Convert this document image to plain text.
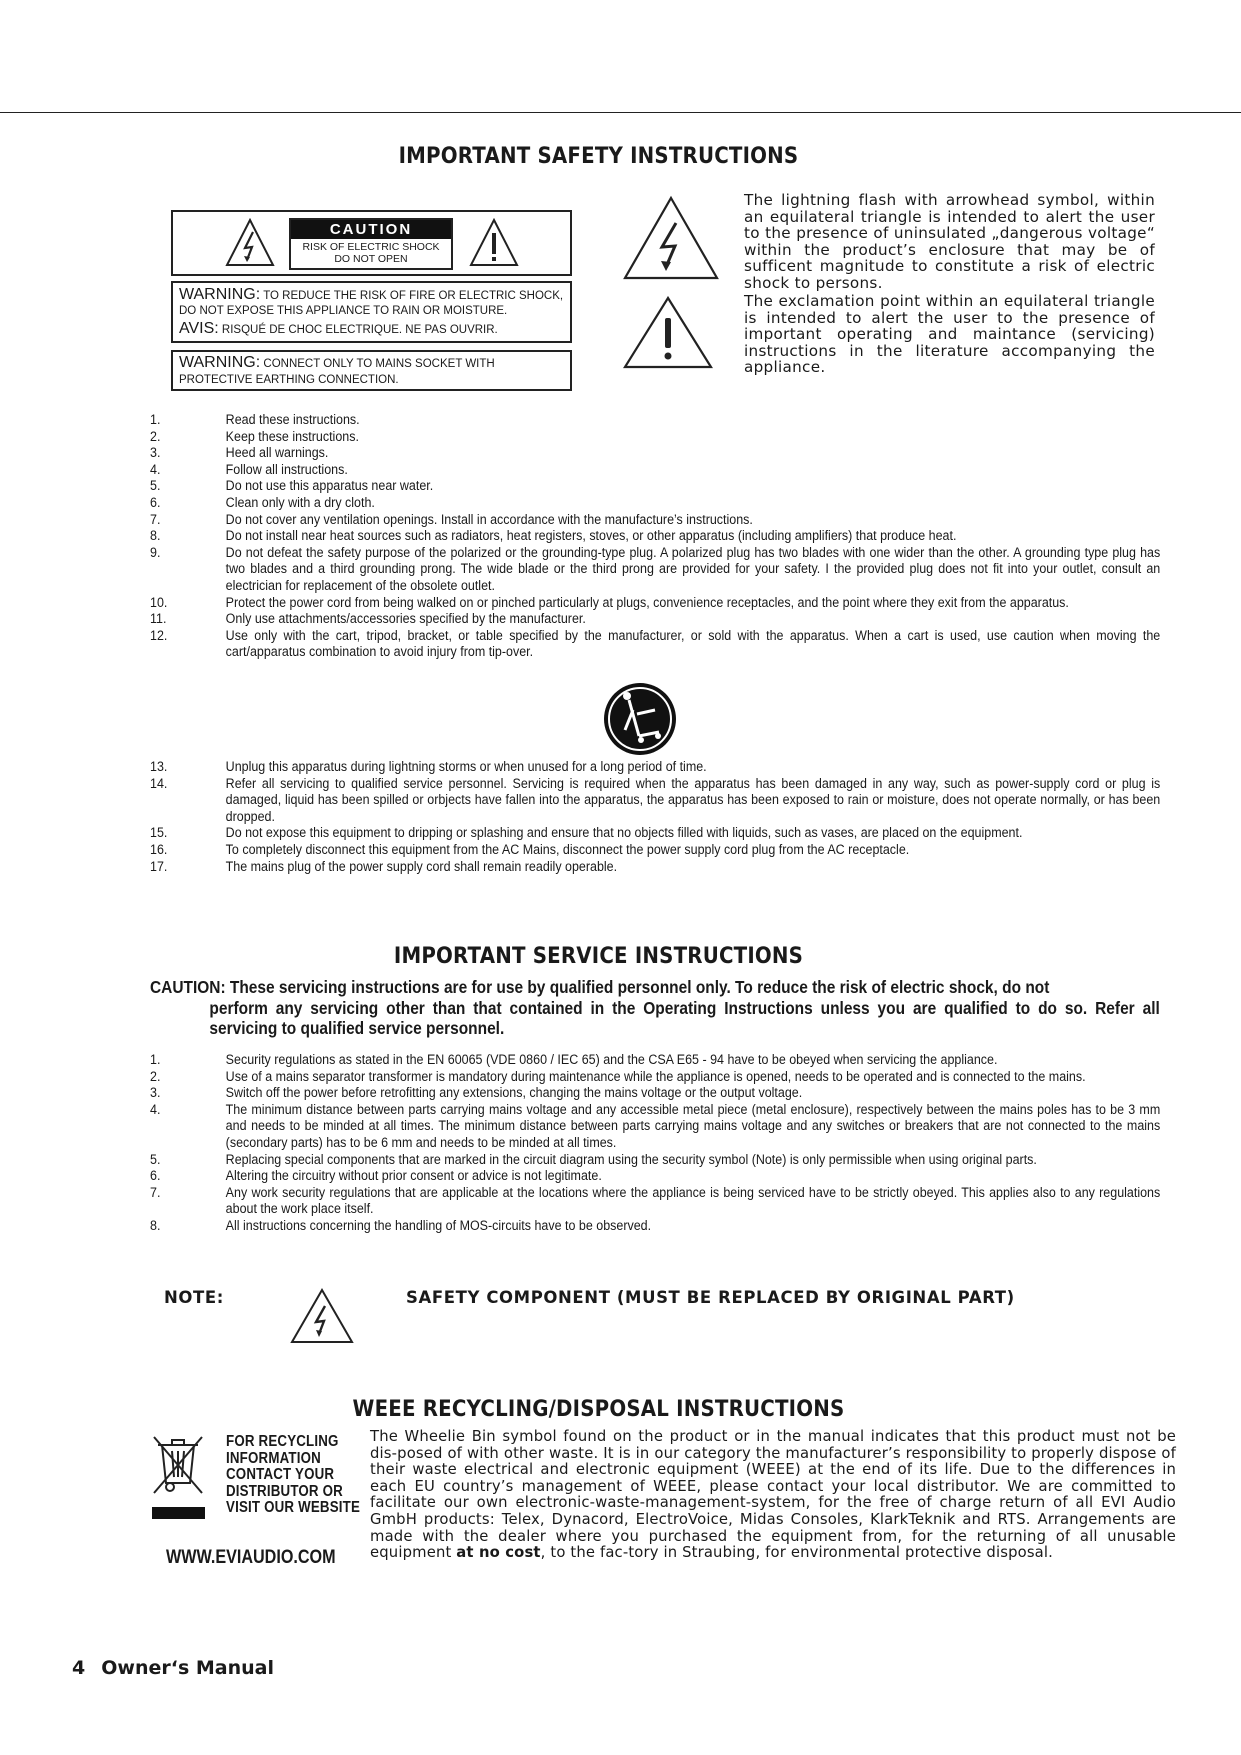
IMPORTANT SAFETY INSTRUCTIONS
CAUTION
RISK OF ELECTRIC SHOCK
DO NOT OPEN
WARNING: TO REDUCE THE RISK OF FIRE OR ELECTRIC SHOCK,
DO NOT EXPOSE THIS APPLIANCE TO RAIN OR MOISTURE.
AVIS: RISQUÉ DE CHOC ELECTRIQUE. NE PAS OUVRIR.
WARNING: CONNECT ONLY TO MAINS SOCKET WITH
PROTECTIVE EARTHING CONNECTION.
The lightning flash with arrowhead symbol, within an equilateral triangle is intended to alert the user to the presence of uninsulated „dangerous voltage“ within the product’s enclosure that may be of sufficent magnitude to constitute a risk of electric shock to persons.
The exclamation point within an equilateral triangle is intended to alert the user to the presence of important operating and maintance (servicing) instructions in the literature accompanying the appliance.
1.	Read these instructions.
2.	Keep these instructions.
3.	Heed all warnings.
4.	Follow all instructions.
5.	Do not use this apparatus near water.
6.	Clean only with a dry cloth.
7.	Do not cover any ventilation openings. Install in accordance with the manufacture’s instructions.
8.	Do not install near heat sources such as radiators, heat registers, stoves, or other apparatus (including amplifiers) that produce heat.
9.	Do not defeat the safety purpose of the polarized or the grounding-type plug. A polarized plug has two blades with one wider than the other. A grounding type plug has two blades and a third grounding prong. The wide blade or the third prong are provided for your safety. I the provided plug does not fit into your outlet, consult an electrician for replacement of the obsolete outlet.
10.	Protect the power cord from being walked on or pinched particularly at plugs, convenience receptacles, and the point where they exit from the apparatus.
11.	Only use attachments/accessories specified by the manufacturer.
12.	Use only with the cart, tripod, bracket, or table specified by the manufacturer, or sold with the apparatus. When a cart is used, use caution when moving the cart/apparatus combination to avoid injury from tip-over.
13.	Unplug this apparatus during lightning storms or when unused for a long period of time.
14.	Refer all servicing to qualified service personnel. Servicing is required when the apparatus has been damaged in any way, such as power-supply cord or plug is damaged, liquid has been spilled or orbjects have fallen into the apparatus, the apparatus has been exposed to rain or moisture, does not operate normally, or has been dropped.
15.	Do not expose this equipment to dripping or splashing and ensure that no objects filled with liquids, such as vases, are placed on the equipment.
16.	To completely disconnect this equipment from the AC Mains, disconnect the power supply cord plug from the AC receptacle.
17.	The mains plug of the power supply cord shall remain readily operable.
IMPORTANT SERVICE INSTRUCTIONS
CAUTION: These servicing instructions are for use by qualified personnel only. To reduce the risk of electric shock, do not
perform any servicing other than that contained in the Operating Instructions unless you are qualified to do so. Refer all servicing to qualified service personnel.
1.	Security regulations as stated in the EN 60065 (VDE 0860 / IEC 65) and the CSA E65 - 94 have to be obeyed when servicing the appliance.
2.	Use of a mains separator transformer is mandatory during maintenance while the appliance is opened, needs to be operated and is connected to the mains.
3.	Switch off the power before retrofitting any extensions, changing the mains voltage or the output voltage.
4.	The minimum distance between parts carrying mains voltage and any accessible metal piece (metal enclosure), respectively between the mains poles has to be 3 mm and needs to be minded at all times. The minimum distance between parts carrying mains voltage and any switches or breakers that are not connected to the mains (secondary parts) has to be 6 mm and needs to be minded at all times.
5.	Replacing special components that are marked in the circuit diagram using the security symbol (Note) is only permissible when using original parts.
6.	Altering the circuitry without prior consent or advice is not legitimate.
7.	Any work security regulations that are applicable at the locations where the appliance is being serviced have to be strictly obeyed. This applies also to any regulations about the work place itself.
8.	All instructions concerning the handling of MOS-circuits have to be observed.
NOTE:	SAFETY COMPONENT (MUST BE REPLACED BY ORIGINAL PART)
WEEE RECYCLING/DISPOSAL INSTRUCTIONS
FOR RECYCLING
INFORMATION
CONTACT YOUR
DISTRIBUTOR OR
VISIT OUR WEBSITE
WWW.EVIAUDIO.COM
The Wheelie Bin symbol found on the product or in the manual indicates that this product must not be dis-posed of with other waste. It is in our category the manufacturer’s responsibility to properly dispose of their waste electrical and electronic equipment (WEEE) at the end of its life. Due to the differences in each EU country’s management of WEEE, please contact your local distributor. We are committed to facilitate our own electronic-waste-management-system, for the free of charge return of all EVI Audio GmbH products: Telex, Dynacord, ElectroVoice, Midas Consoles, KlarkTeknik and RTS. Arrangements are made with the dealer where you purchased the equipment from, for the returning of all unusable equipment at no cost, to the fac-tory in Straubing, for environmental protective disposal.
4 Owner‘s Manual
